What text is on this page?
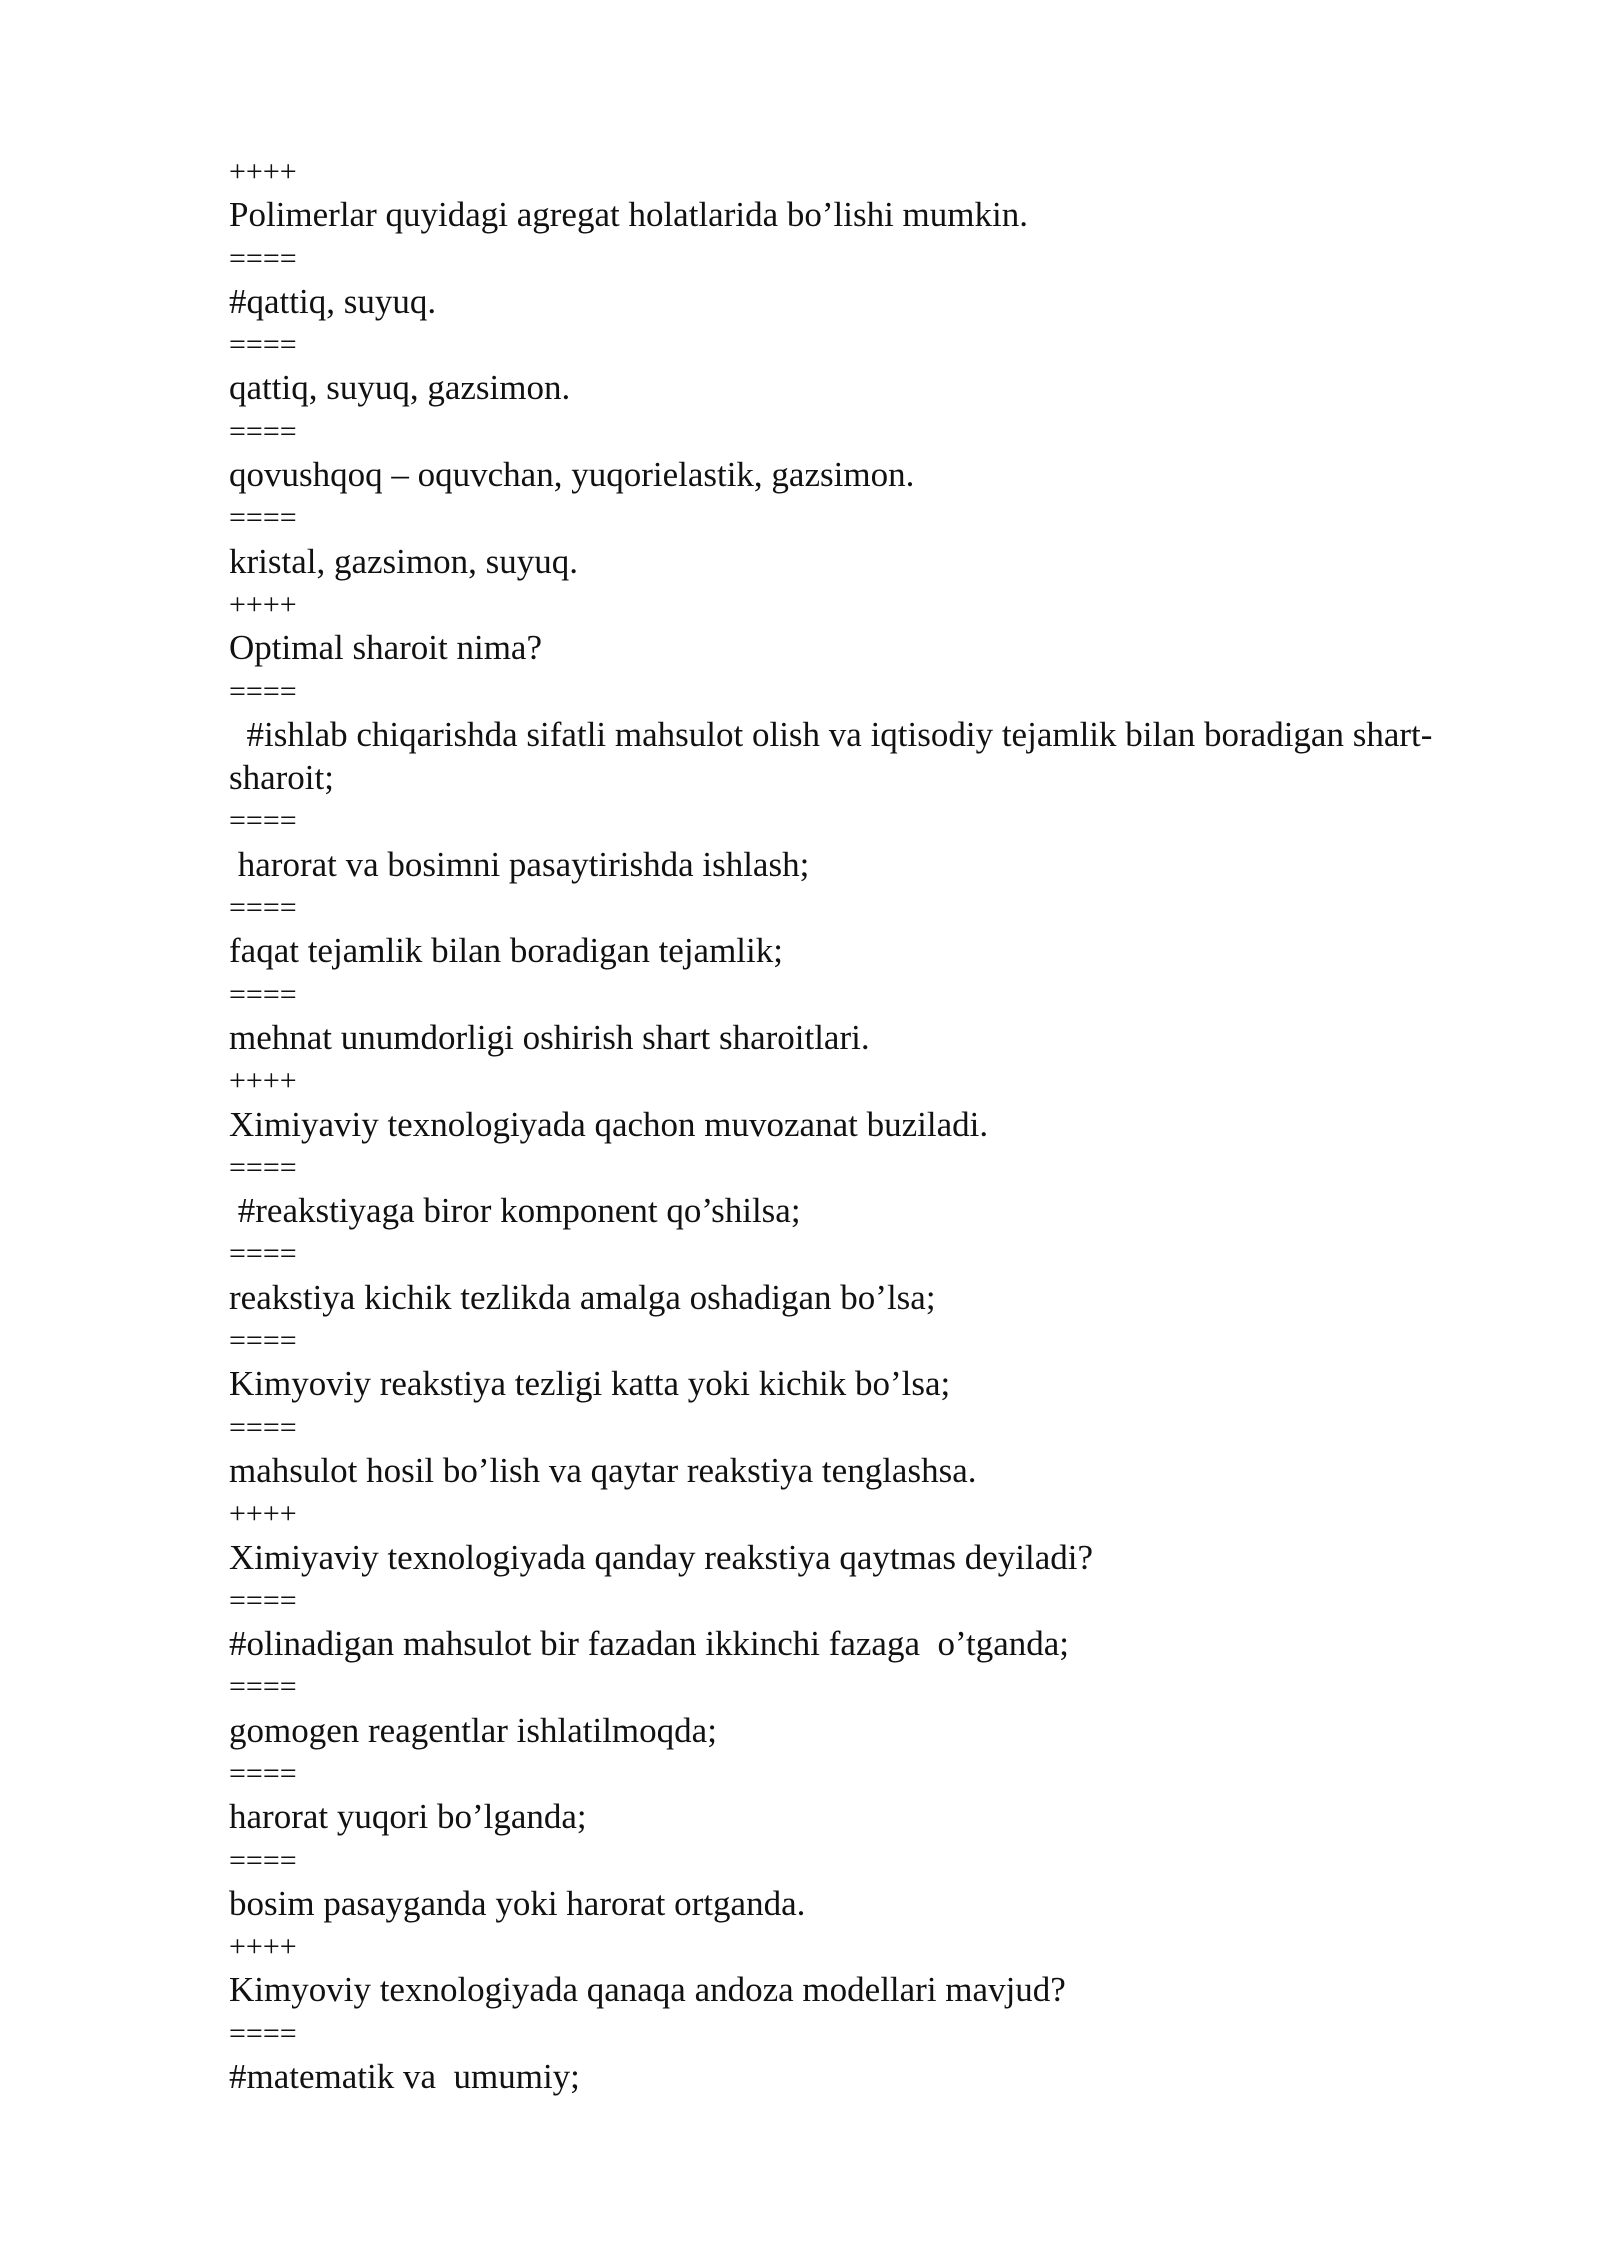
++++

Polimerlar quyidagi agregat holatlarida bo’lishi mumkin.

====

#qattiq, suyuq.

====

qattiq, suyuq, gazsimon.

====

qovushqoq – oquvchan, yuqorielastik, gazsimon.

====

kristal, gazsimon, suyuq.

++++

Optimal sharoit nima?

====

#ishlab chiqarishda sifatli mahsulot olish va iqtisodiy tejamlik bilan boradigan shart-sharoit;

====

harorat va bosimni pasaytirishda ishlash;

====

faqat tejamlik bilan boradigan tejamlik;

====

mehnat unumdorligi oshirish shart sharoitlari.

++++

Ximiyaviy texnologiyada qachon muvozanat buziladi.

====

#reakstiyaga biror komponent qo’shilsa;

====

reakstiya kichik tezlikda amalga oshadigan bo’lsa;

====

Kimyoviy reakstiya tezligi katta yoki kichik bo’lsa;

====

mahsulot hosil bo’lish va qaytar reakstiya tenglashsa.

++++

Ximiyaviy texnologiyada qanday reakstiya qaytmas deyiladi?

====

#olinadigan mahsulot bir fazadan ikkinchi fazaga  o’tganda;

====

gomogen reagentlar ishlatilmoqda;

====

harorat yuqori bo’lganda;

====

bosim pasayganda yoki harorat ortganda.

++++

Kimyoviy texnologiyada qanaqa andoza modellari mavjud?

====

#matematik va  umumiy;
